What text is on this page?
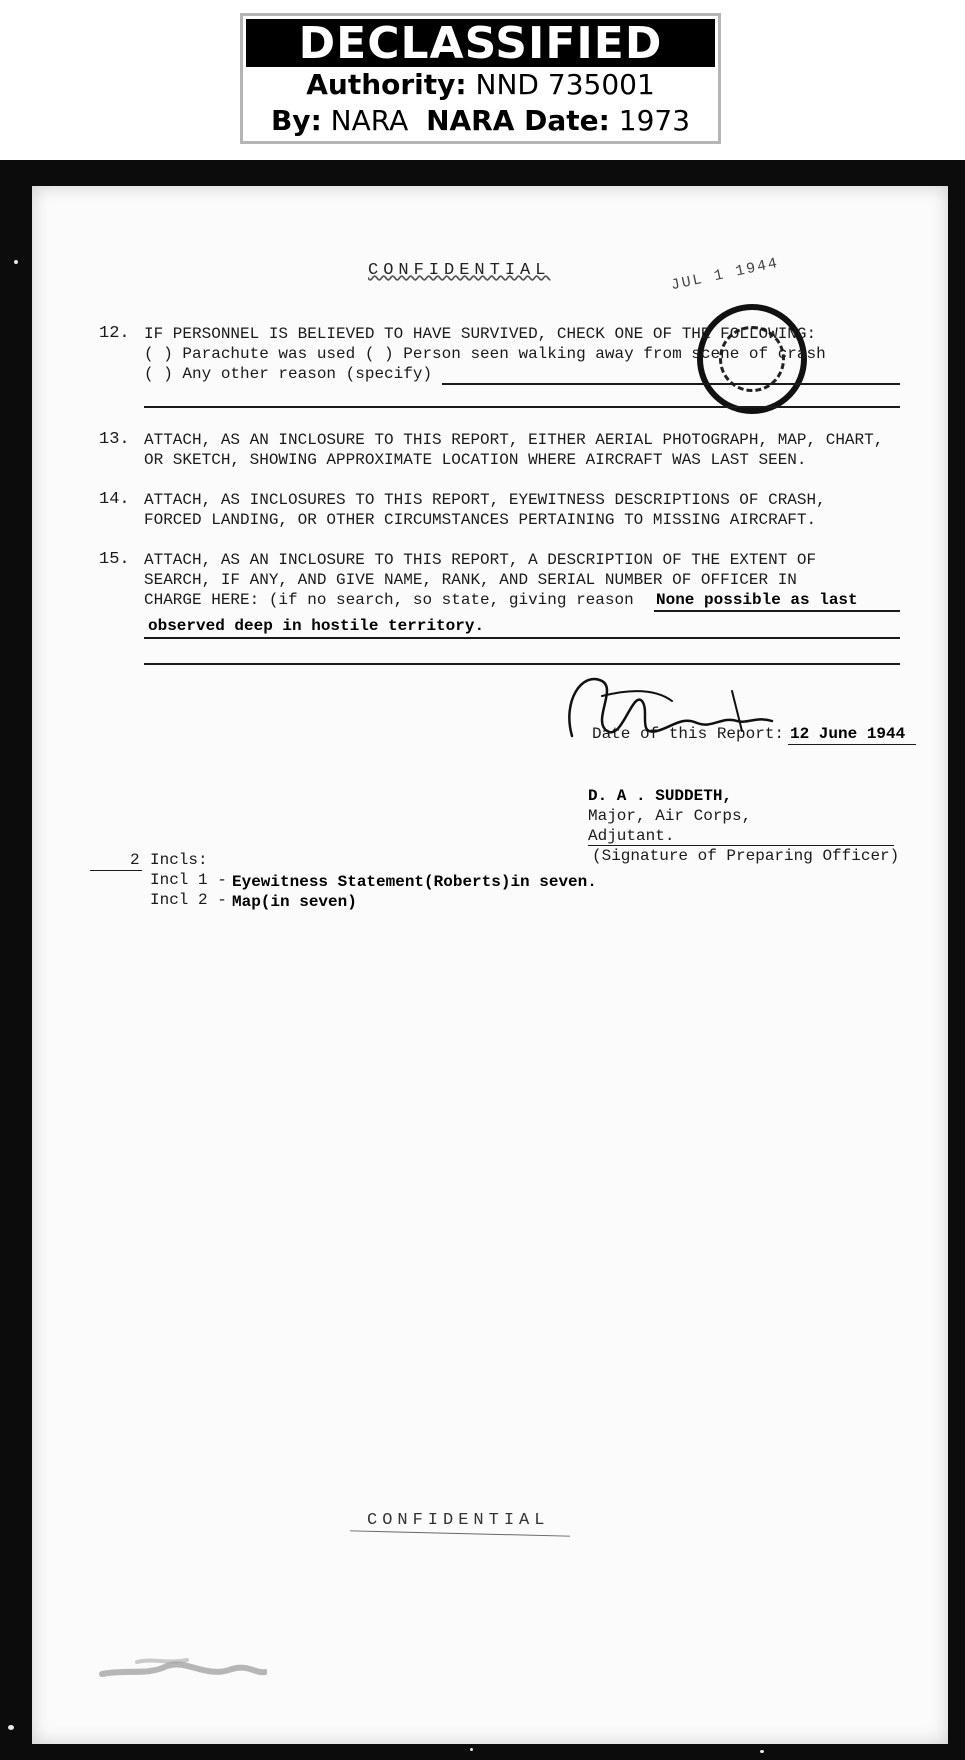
DECLASSIFIED
Authority: NND 735001
By: NARA NARA Date: 1973
CONFIDENTIAL	JUL 1 1944
12. IF PERSONNEL IS BELIEVED TO HAVE SURVIVED, CHECK ONE OF THE FOLLOWING:
( ) Parachute was used ( ) Person seen walking away from scene of crash
( ) Any other reason (specify)
13. ATTACH, AS AN INCLOSURE TO THIS REPORT, EITHER AERIAL PHOTOGRAPH, MAP, CHART,
OR SKETCH, SHOWING APPROXIMATE LOCATION WHERE AIRCRAFT WAS LAST SEEN.
14. ATTACH, AS INCLOSURES TO THIS REPORT, EYEWITNESS DESCRIPTIONS OF CRASH,
FORCED LANDING, OR OTHER CIRCUMSTANCES PERTAINING TO MISSING AIRCRAFT.
15. ATTACH, AS AN INCLOSURE TO THIS REPORT, A DESCRIPTION OF THE EXTENT OF
SEARCH, IF ANY, AND GIVE NAME, RANK, AND SERIAL NUMBER OF OFFICER IN
CHARGE HERE: (if no search, so state, giving reason None possible as last
observed deep in hostile territory.
Date of this Report: 12 June 1944
D. A . SUDDETH,
Major, Air Corps,
Adjutant.
(Signature of Preparing Officer)
2 Incls:
Incl 1 - Eyewitness Statement(Roberts)in seven.
Incl 2 - Map(in seven)
CONFIDENTIAL
